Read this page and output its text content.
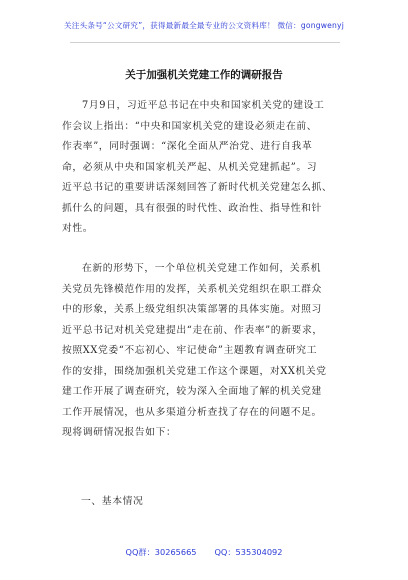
关注头条号“公文研究”，获得最新最全最专业的公文资料库！ 微信：gongwenyj
关于加强机关党建工作的调研报告
7月9日，习近平总书记在中央和国家机关党的建设工
作会议上指出：“中央和国家机关党的建设必须走在前、
作表率”，同时强调：“深化全面从严治党、进行自我革
命，必须从中央和国家机关严起、从机关党建抓起”。习
近平总书记的重要讲话深刻回答了新时代机关党建怎么抓、
抓什么的问题，具有很强的时代性、政治性、指导性和针
对性。
在新的形势下，一个单位机关党建工作如何，关系机
关党员先锋模范作用的发挥，关系机关党组织在职工群众
中的形象，关系上级党组织决策部署的具体实施。对照习
近平总书记对机关党建提出“走在前、作表率”的新要求，
按照XX党委“不忘初心、牢记使命”主题教育调查研究工
作的安排，围绕加强机关党建工作这个课题，对XX机关党
建工作开展了调查研究，较为深入全面地了解的机关党建
工作开展情况，也从多渠道分析查找了存在的问题不足。
现将调研情况报告如下：
一、基本情况
QQ群：30265665 QQ：535304092
